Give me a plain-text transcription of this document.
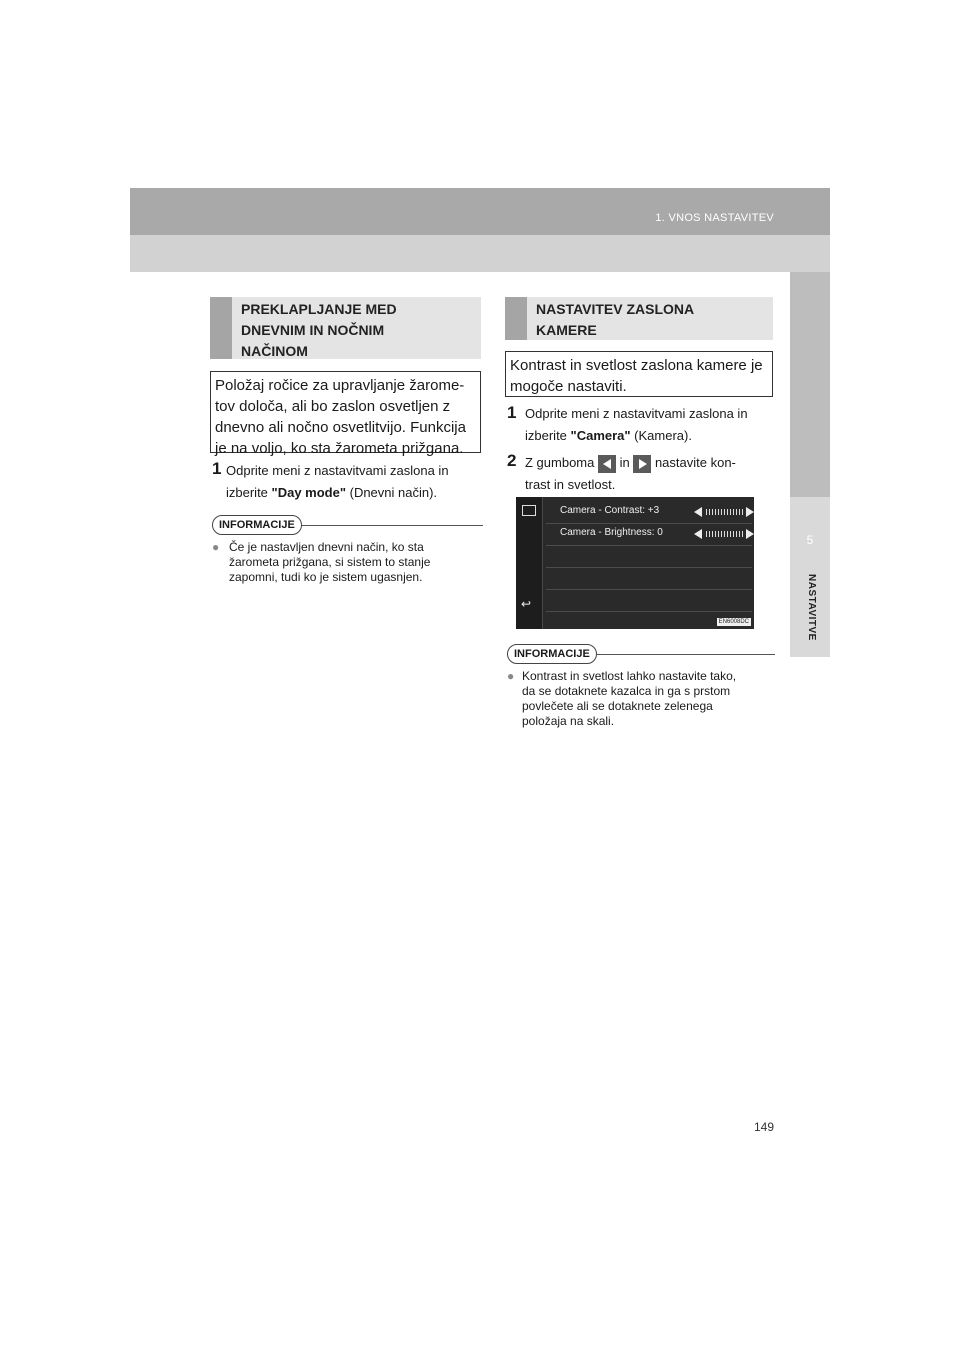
1. VNOS NASTAVITEV
5
NASTAVITVE
PREKLAPLJANJE MED
DNEVNIM IN NOČNIM
NAČINOM
Položaj ročice za upravljanje žarome-
tov določa, ali bo zaslon osvetljen z
dnevno ali nočno osvetlitvijo. Funkcija
je na voljo, ko sta žarometa prižgana.
1 Odprite meni z nastavitvami zaslona in
izberite "Day mode" (Dnevni način).
INFORMACIJE
● Če je nastavljen dnevni način, ko sta
žarometa prižgana, si sistem to stanje
zapomni, tudi ko je sistem ugasnjen.
NASTAVITEV ZASLONA
KAMERE
Kontrast in svetlost zaslona kamere je
mogoče nastaviti.
1 Odprite meni z nastavitvami zaslona in
izberite "Camera" (Kamera).
2 Z gumboma  in  nastavite kon-
trast in svetlost.
↩
Camera - Contrast: +3
Camera - Brightness: 0
EN6008DC
INFORMACIJE
● Kontrast in svetlost lahko nastavite tako,
da se dotaknete kazalca in ga s prstom
povlečete ali se dotaknete zelenega
položaja na skali.
149
